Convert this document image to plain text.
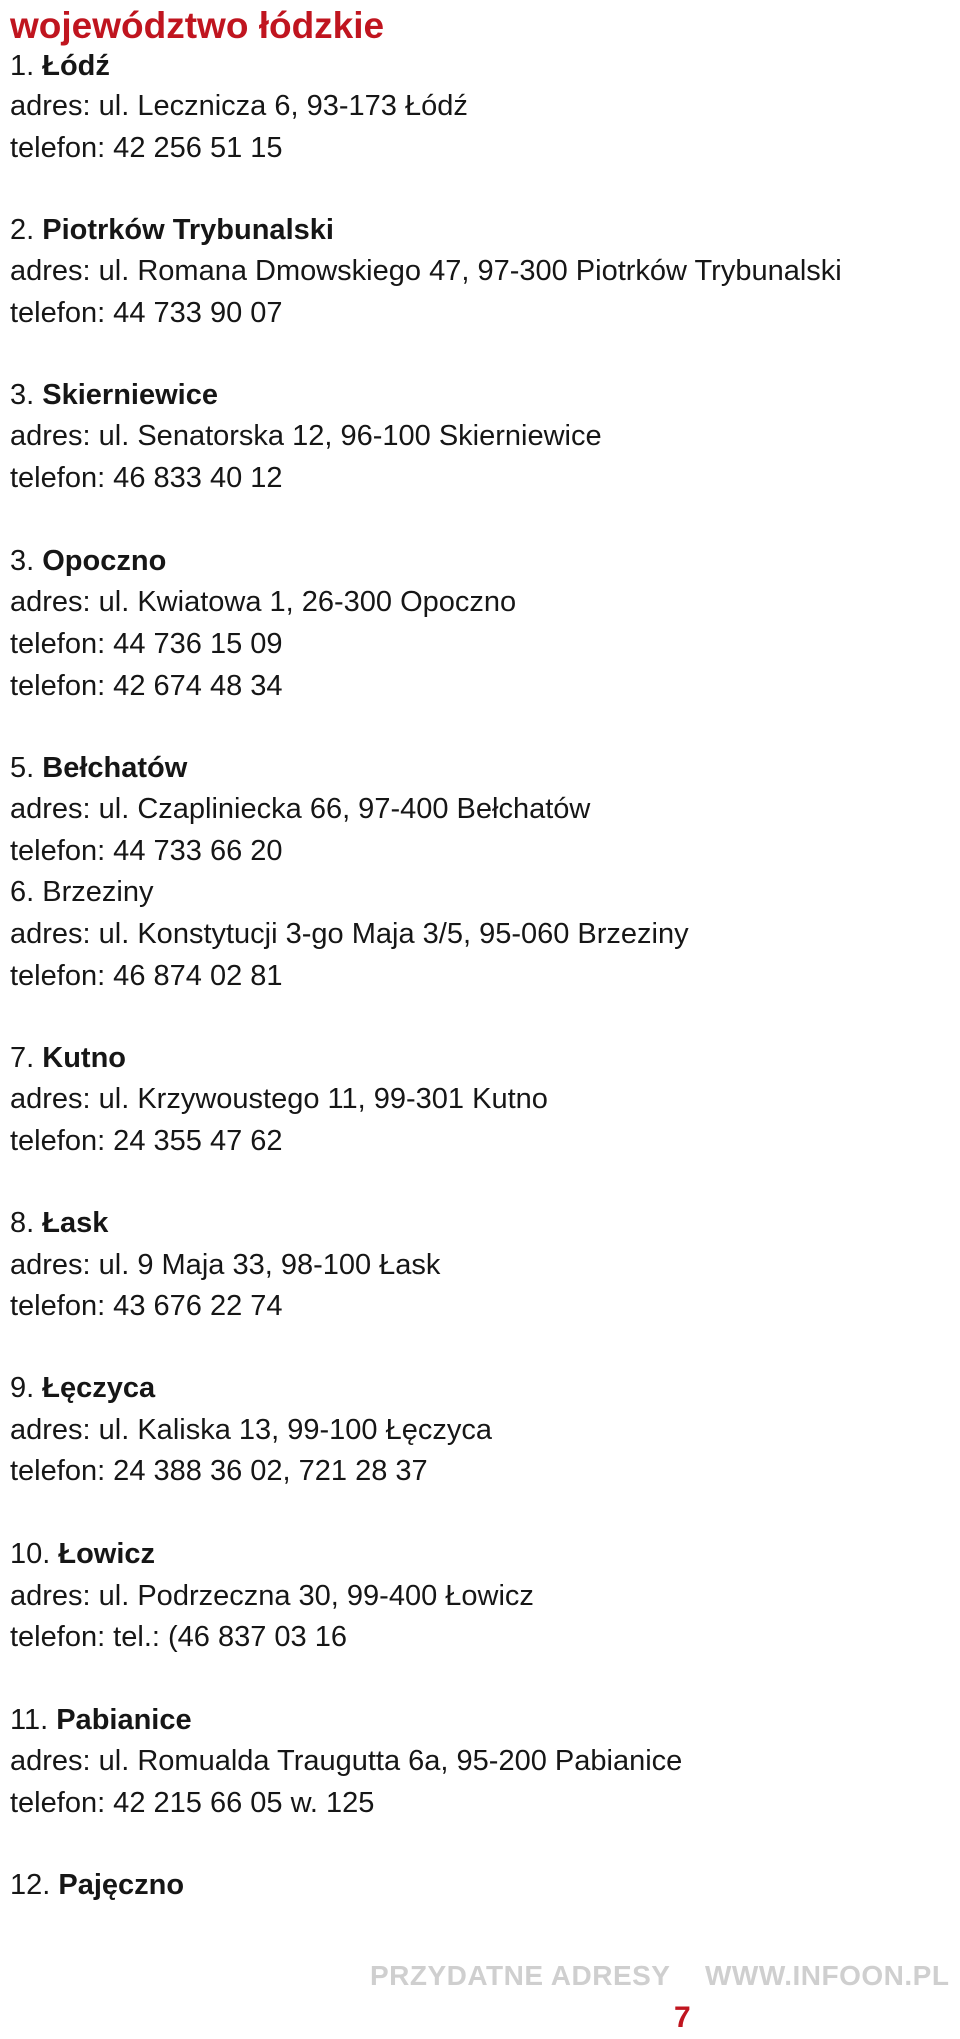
województwo łódzkie
1. Łódź
adres: ul. Lecznicza 6, 93-173 Łódź
telefon: 42 256 51 15
2. Piotrków Trybunalski
adres: ul. Romana Dmowskiego 47, 97-300 Piotrków Trybunalski
telefon: 44 733 90 07
3. Skierniewice
adres: ul. Senatorska 12, 96-100 Skierniewice
telefon: 46 833 40 12
3. Opoczno
adres: ul. Kwiatowa 1, 26-300 Opoczno
telefon: 44 736 15 09
telefon: 42 674 48 34
5. Bełchatów
adres: ul. Czapliniecka 66, 97-400 Bełchatów
telefon: 44 733 66 20
6. Brzeziny
adres: ul. Konstytucji 3-go Maja 3/5, 95-060 Brzeziny
telefon: 46 874 02 81
7. Kutno
adres: ul. Krzywoustego 11, 99-301 Kutno
telefon: 24 355 47 62
8. Łask
adres: ul. 9 Maja 33, 98-100 Łask
telefon: 43 676 22 74
9. Łęczyca
adres: ul. Kaliska 13, 99-100 Łęczyca
telefon: 24 388 36 02, 721 28 37
10. Łowicz
adres: ul. Podrzeczna 30, 99-400 Łowicz
telefon: tel.: (46 837 03 16
11. Pabianice
adres: ul. Romualda Traugutta 6a, 95-200 Pabianice
telefon: 42 215 66 05 w. 125
12. Pajęczno
PRZYDATNE ADRESY WWW.INFOON.PL
7
